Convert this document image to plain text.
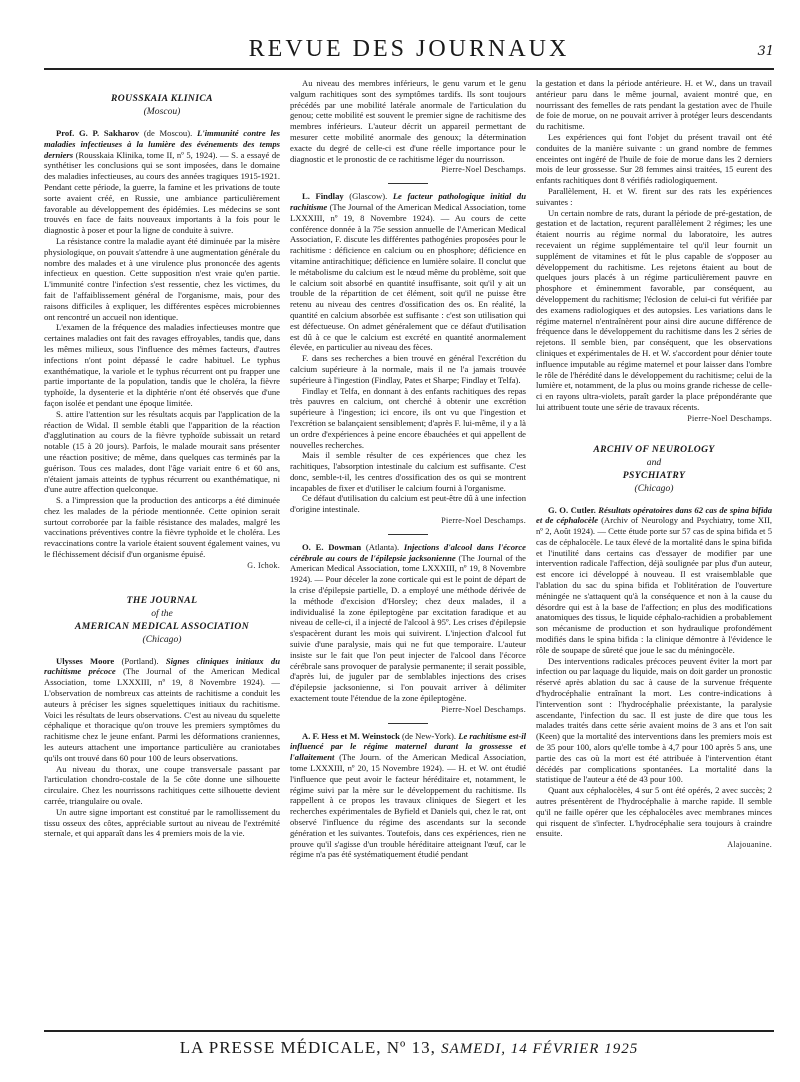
REVUE DES JOURNAUX	31
ROUSSKAIA KLINICA
(Moscou)

Prof. G. P. Sakharov (de Moscou). L'immunité contre les maladies infectieuses à la lumière des événements des temps derniers (Rousskaia Klinika, tome II, nº 5, 1924). — S. a essayé de synthétiser les conclusions qui se sont imposées, dans le domaine des maladies infectieuses, au cours des années tragiques 1915-1921. Pendant cette période, la guerre, la famine et les privations de toute sorte avaient créé, en Russie, une ambiance particulièrement favorable au développement des épidémies. Les médecins se sont trouvés en face de faits nouveaux importants à la fois pour le diagnostic à poser et pour la ligne de conduite à suivre.

La résistance contre la maladie ayant été diminuée par la misère physiologique, on pouvait s'attendre à une augmentation générale du nombre des malades et à une virulence plus prononcée des agents infectieux en question. Cette supposition n'est vraie qu'en partie. L'immunité contre l'infection s'est ressentie, chez les victimes, du fait de l'affaiblissement général de l'organisme, mais, pour des raisons difficiles à expliquer, les différentes espèces microbiennes ont rencontré un accueil non identique.

L'examen de la fréquence des maladies infectieuses montre que certaines maladies ont fait des ravages effroyables, tandis que, dans les mêmes milieux, sous l'influence des mêmes facteurs, d'autres infections n'ont point dépassé le cadre habituel. Le typhus exanthématique, la variole et le typhus récurrent ont pu frapper une partie importante de la population, tandis que le choléra, la fièvre typhoïde, la dysenterie et la diphtérie n'ont été observés que d'une façon isolée et pendant une époque limitée.

S. attire l'attention sur les résultats acquis par l'application de la réaction de Widal. Il semble établi que l'apparition de la réaction d'agglutination au cours de la fièvre typhoïde subissait un retard notable (15 à 20 jours). Parfois, le malade mourait sans présenter une réaction positive; de même, dans quelques cas terminés par la guérison. Tous ces malades, dont l'âge variait entre 6 et 60 ans, n'étaient jamais atteints de typhus récurrent ou exanthématique, ni d'une autre affection quelconque.

S. a l'impression que la production des anticorps a été diminuée chez les malades de la période mentionnée. Cette opinion serait surtout corroborée par la faible résistance des malades, malgré les vaccinations préventives contre la fièvre typhoïde et le choléra. Les revaccinations contre la variole étaient souvent également vaines, vu le fléchissement décisif d'un organisme épuisé.

G. Ichok.
THE JOURNAL
of the
AMERICAN MEDICAL ASSOCIATION
(Chicago)

Ulysses Moore (Portland). Signes cliniques initiaux du rachitisme précoce (The Journal of the American Medical Association, tome LXXXIII, nº 19, 8 Novembre 1924). — L'observation de nombreux cas atteints de rachitisme a conduit les auteurs à préciser les signes squelettiques initiaux du rachitisme. Voici les résultats de leurs observations. C'est au niveau du squelette céphalique et thoracique qu'on trouve les premiers symptômes du rachitisme chez le jeune enfant. Parmi les déformations craniennes, les auteurs attachent une importance particulière au craniotabes qu'ils ont trouvé dans 60 pour 100 de leurs observations.

Au niveau du thorax, une coupe transversale passant par l'articulation chondro-costale de la 5e côte donne une silhouette circulaire. Chez les nourrissons rachitiques cette silhouette devient carrée, triangulaire ou ovale.

Un autre signe important est constitué par le ramollissement du tissu osseux des côtes, appréciable surtout au niveau de l'extrémité sternale, et qui apparaît dans les 4 premiers mois de la vie.

Au niveau des membres inférieurs, le genu varum et le genu valgum rachitiques sont des symptômes tardifs. Ils sont toujours précédés par une mobilité latérale anormale de l'articulation du genou; cette mobilité est souvent le premier signe de rachitisme des membres inférieurs. L'auteur décrit un appareil permettant de mesurer cette mobilité anormale des genoux; la détermination exacte du degré de celle-ci est d'une réelle importance pour le diagnostic et le pronostic de ce rachitisme léger du nourrisson.

Pierre-Noel Deschamps.

L. Findlay (Glascow). Le facteur pathologique initial du rachitisme (The Journal of the American Medical Association, tome LXXXIII, nº 19, 8 Novembre 1924). — Au cours de cette conférence donnée à la 75e session annuelle de l'American Medical Association, F. discute les différentes pathogénies proposées pour le rachitisme : déficience en calcium ou en phosphore; déficience en vitamine antirachitique; déficience en lumière solaire. Il conclut que le métabolisme du calcium est le nœud même du problème, soit que le calcium soit absorbé en quantité insuffisante, soit qu'il y ait un trouble de la répartition de cet élément, soit qu'il ne puisse être retenu au niveau des centres d'ossification des os. En réalité, la quantité en calcium absorbée est suffisante : c'est son utilisation qui est défectueuse. On admet généralement que ce défaut d'utilisation est dû à ce que le calcium est excrété en quantité anormalement élevée, en particulier au niveau des fèces.

F. dans ses recherches a bien trouvé en général l'excrétion du calcium supérieure à la normale, mais il ne l'a jamais trouvée supérieure à l'ingestion (Findlay, Pates et Sharpe; Findlay et Telfa).

Findlay et Telfa, en donnant à des enfants rachitiques des repas très pauvres en calcium, ont cherché à obtenir une excrétion supérieure à l'ingestion; ici encore, ils ont vu que l'ingestion et l'excrétion se balançaient sensiblement; d'après F. lui-même, il y a là un ordre d'expériences à peine encore ébauchées et qui appellent de nouvelles recherches.

Mais il semble résulter de ces expériences que chez les rachitiques, l'absorption intestinale du calcium est suffisante. C'est donc, semble-t-il, les centres d'ossification des os qui se montrent incapables de fixer et d'utiliser le calcium fourni à l'organisme.

Ce défaut d'utilisation du calcium est peut-être dû à une infection d'origine intestinale.

Pierre-Noel Deschamps.

O. E. Dowman (Atlanta). Injections d'alcool dans l'écorce cérébrale au cours de l'épilepsie jacksonienne (The Journal of the American Medical Association, tome LXXXIII, nº 19, 8 Novembre 1924). — Pour déceler la zone corticale qui est le point de départ de la crise d'épilepsie partielle, D. a employé une méthode dérivée de la méthode d'excision d'Horsley; chez deux malades, il a individualisé la zone épileptogène par excitation faradique et au niveau de celle-ci, il a injecté de l'alcool à 95º. Les crises d'épilepsie s'espacèrent durant les mois qui suivirent. L'injection d'alcool fut suivie d'une paralysie, mais qui ne fut que temporaire. L'auteur insiste sur le fait que l'on peut injecter de l'alcool dans l'écorce cérébrale sans provoquer de paralysie permanente; il serait possible, d'après lui, de juguler par de semblables injections des crises d'épilepsie jacksonienne, si l'on pouvait arriver à délimiter exactement toute l'étendue de la zone épileptogène.

Pierre-Noel Deschamps.

A. F. Hess et M. Weinstock (de New-York). Le rachitisme est-il influencé par le régime maternel durant la grossesse et l'allaitement (The Journ. of the American Medical Association, tome LXXXIII, nº 20, 15 Novembre 1924). — H. et W. ont étudié l'influence que peut avoir le facteur héréditaire et, notamment, le régime suivi par la mère sur le développement du rachitisme. Ils rappellent à ce propos les travaux cliniques de Siegert et les recherches expérimentales de Byfield et Daniels qui, chez le rat, ont observé l'influence du régime des ascendants sur la seconde génération et les suivantes. Toutefois, dans ces expériences, rien ne prouve qu'il s'agisse d'un trouble héréditaire atteignant l'œuf, car le régime n'a pas été systématiquement étudié pendant

la gestation et dans la période antérieure. H. et W., dans un travail antérieur paru dans le même journal, avaient montré que, en nourrissant des femelles de rats pendant la gestation avec de l'huile de foie de morue, on ne pouvait arriver à protéger leurs descendants du rachitisme.

Les expériences qui font l'objet du présent travail ont été conduites de la manière suivante : un grand nombre de femmes enceintes ont ingéré de l'huile de foie de morue dans les 2 derniers mois de leur grossesse. Sur 28 femmes ainsi traitées, 15 eurent des enfants rachitiques dont 8 vérifiés radiologiquement.

Parallèlement, H. et W. firent sur des rats les expériences suivantes :

Un certain nombre de rats, durant la période de pré-gestation, de gestation et de lactation, reçurent parallèlement 2 régimes; les une étaient nourris au régime normal du laboratoire, les autres recevaient un régime supplémentaire tel qu'il leur fournit un supplément de vitamines et fût le plus capable de s'opposer au développement du rachitisme. Les rejetons étaient au bout de quelques jours placés à un régime particulièrement pauvre en phosphore et éminemment favorable, par conséquent, au développement du rachitisme; l'éclosion de celui-ci fut vérifiée par des examens radiologiques et des autopsies. Les variations dans le régime maternel n'entraînèrent pour ainsi dire aucune différence de fréquence dans le développement du rachitisme dans les 2 séries de rejetons. Il semble bien, par conséquent, que les observations cliniques et expérimentales de H. et W. s'accordent pour dénier toute influence imputable au régime maternel et pour laisser dans l'ombre le rôle de l'hérédité dans le développement du rachitisme; celui de la lumière et, notamment, de la plus ou moins grande richesse de celle-ci en rayons ultra-violets, paraît garder la place prépondérante que lui attribuent toute une série de travaux récents.

Pierre-Noel Deschamps.
ARCHIV OF NEUROLOGY
and
PSYCHIATRY
(Chicago)

G. O. Cutler. Résultats opératoires dans 62 cas de spina bifida et de céphalocèle (Archiv of Neurology and Psychiatry, tome XII, nº 2, Août 1924). — Cette étude porte sur 57 cas de spina bifida et 5 cas de céphalocèle. Le taux élevé de la mortalité dans le spina bifida et l'inutilité dans certains cas d'essayer de modifier par une intervention radicale l'affection, déjà soulignée par plus d'un auteur, est encore ici développé à nouveau. Il est vraisemblable que l'ablation du sac du spina bifida et l'oblitération de l'ouverture méningée ne s'attaquent qu'à la conséquence et non à la cause du désordre qui est à la base de l'affection; en plus des modifications anatomiques des tissus, le liquide céphalo-rachidien a probablement son mécanisme de production et son hydraulique profondément modifiés dans le spina bifida : la clinique démontre à l'évidence le rôle de soupape de sûreté que joue le sac du méningocèle.

Des interventions radicales précoces peuvent éviter la mort par infection ou par laquage du liquide, mais on doit garder un pronostic réservé après ablation du sac à cause de la survenue fréquente d'hydrocéphalie entraînant la mort. Les contre-indications à l'intervention sont : l'hydrocéphalie préexistante, la paralysie ascendante, l'infection du sac. Il est juste de dire que tous les malades traités dans cette série avaient moins de 3 ans et l'on sait (Keen) que la mortalité des interventions dans les premiers mois est de 35 pour 100, alors qu'elle tombe à 4,7 pour 100 après 5 ans, une partie des cas où la mort est été attribuée à l'intervention étant décédés par complications spontanées. La mortalité dans la statistique de l'auteur a été de 43 pour 100.

Quant aux céphalocèles, 4 sur 5 ont été opérés, 2 avec succès; 2 autres présentèrent de l'hydrocéphalie à marche rapide. Il semble qu'il ne faille opérer que les céphalocèles avec membranes minces qui risquent de s'infecter. L'hydrocéphalie sera toujours à craindre ensuite.

Alajouanine.
LA PRESSE MÉDICALE, Nº 13, SAMEDI, 14 FÉVRIER 1925
